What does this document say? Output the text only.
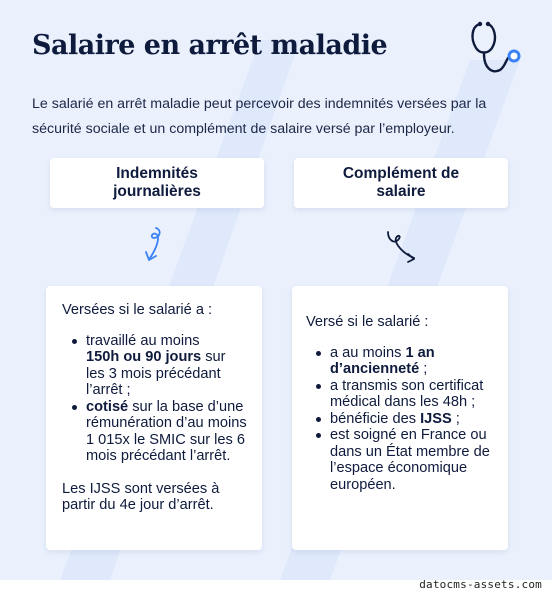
Salaire en arrêt maladie

Le salarié en arrêt maladie peut percevoir des indemnités versées par la sécurité sociale et un complément de salaire versé par l’employeur.

Indemnités
journalières
Complément de
salaire

Versées si le salarié a :

travaillé au moins
150h ou 90 jours sur les 3 mois précédant l’arrêt ;
cotisé sur la base d’une rémunération d’au moins 1 015x le SMIC sur les 6 mois précédant l’arrêt.

Les IJSS sont versées à partir du 4e jour d’arrêt.

Versé si le salarié :

a au moins 1 an d’ancienneté ;
a transmis son certificat médical dans les 48h ;
bénéficie des IJSS ;
est soigné en France ou dans un État membre de l’espace économique européen.
datocms-assets.com
